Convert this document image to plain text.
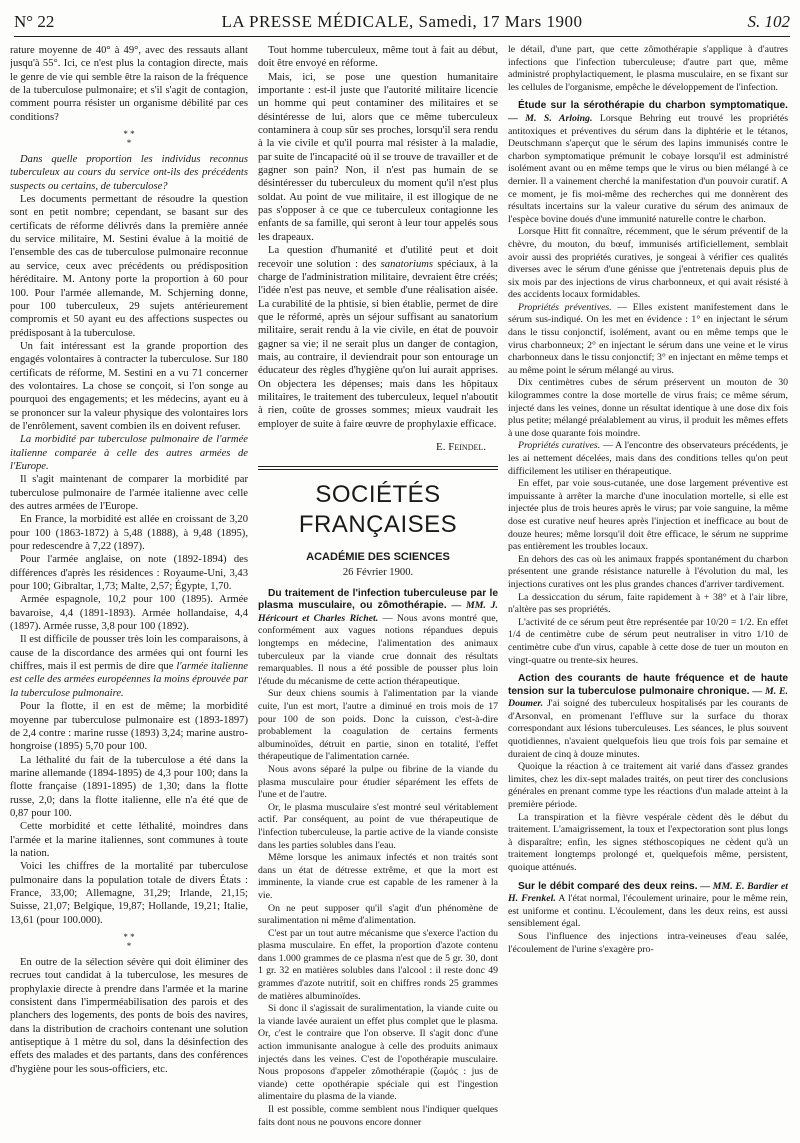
N° 22	LA PRESSE MÉDICALE, Samedi, 17 Mars 1900	S. 102

rature moyenne de 40° à 49°, avec des ressauts allant jusqu'à 55°. Ici, ce n'est plus la contagion directe, mais le genre de vie qui semble être la raison de la fréquence de la tuberculose pulmonaire; et s'il s'agit de contagion, comment pourra résister un organisme débilité par ces conditions?

* *
*

Dans quelle proportion les individus reconnus tuberculeux au cours du service ont-ils des précédents suspects ou certains, de tuberculose?

Les documents permettant de résoudre la question sont en petit nombre; cependant, se basant sur des certificats de réforme délivrés dans la première année du service militaire, M. Sestini évalue à la moitié de l'ensemble des cas de tuberculose pulmonaire reconnue au service, ceux avec précédents ou prédisposition héréditaire. M. Antony porte la proportion à 60 pour 100. Pour l'armée allemande, M. Schjerning donne, pour 100 tuberculeux, 29 sujets antérieurement compromis et 50 ayant eu des affections suspectes ou prédisposant à la tuberculose.

Un fait intéressant est la grande proportion des engagés volontaires à contracter la tuberculose. Sur 180 certificats de réforme, M. Sestini en a vu 71 concerner des volontaires. La chose se conçoit, si l'on songe au pourquoi des engagements; et les médecins, ayant eu à se prononcer sur la valeur physique des volontaires lors de l'enrôlement, savent combien ils en doivent refuser.

La morbidité par tuberculose pulmonaire de l'armée italienne comparée à celle des autres armées de l'Europe.

Il s'agit maintenant de comparer la morbidité par tuberculose pulmonaire de l'armée italienne avec celle des autres armées de l'Europe.

En France, la morbidité est allée en croissant de 3,20 pour 100 (1863-1872) à 5,48 (1888), à 9,48 (1895), pour redescendre à 7,22 (1897).

Pour l'armée anglaise, on note (1892-1894) des différences d'après les résidences : Royaume-Uni, 3,43 pour 100; Gibraltar, 1,73; Malte, 2,57; Égypte, 1,70.

Armée espagnole, 10,2 pour 100 (1895). Armée bavaroise, 4,4 (1891-1893). Armée hollandaise, 4,4 (1897). Armée russe, 3,8 pour 100 (1892).

Il est difficile de pousser très loin les comparaisons, à cause de la discordance des armées qui ont fourni les chiffres, mais il est permis de dire que l'armée italienne est celle des armées européennes la moins éprouvée par la tuberculose pulmonaire.

Pour la flotte, il en est de même; la morbidité moyenne par tuberculose pulmonaire est (1893-1897) de 2,4 contre : marine russe (1893) 3,24; marine austro-hongroise (1895) 5,70 pour 100.

La léthalité du fait de la tuberculose a été dans la marine allemande (1894-1895) de 4,3 pour 100; dans la flotte française (1891-1895) de 1,30; dans la flotte russe, 2,0; dans la flotte italienne, elle n'a été que de 0,87 pour 100.

Cette morbidité et cette léthalité, moindres dans l'armée et la marine italiennes, sont communes à toute la nation.

Voici les chiffres de la mortalité par tuberculose pulmonaire dans la population totale de divers États : France, 33,00; Allemagne, 31,29; Irlande, 21,15; Suisse, 21,07; Belgique, 19,87; Hollande, 19,21; Italie, 13,61 (pour 100.000).

* *
*

En outre de la sélection sévère qui doit éliminer des recrues tout candidat à la tuberculose, les mesures de prophylaxie directe à prendre dans l'armée et la marine consistent dans l'imperméabilisation des parois et des planchers des logements, des ponts de bois des navires, dans la distribution de crachoirs contenant une solution antiseptique à 1 mètre du sol, dans la désinfection des effets des malades et des partants, dans des conférences d'hygiène pour les sous-officiers, etc.

Tout homme tuberculeux, même tout à fait au début, doit être envoyé en réforme.

Mais, ici, se pose une question humanitaire importante : est-il juste que l'autorité militaire licencie un homme qui peut contaminer des militaires et se désintéresse de lui, alors que ce même tuberculeux contaminera à coup sûr ses proches, lorsqu'il sera rendu à la vie civile et qu'il pourra mal résister à la maladie, par suite de l'incapacité où il se trouve de travailler et de gagner son pain? Non, il n'est pas humain de se désintéresser du tuberculeux du moment qu'il n'est plus soldat. Au point de vue militaire, il est illogique de ne pas s'opposer à ce que ce tuberculeux contagionne les enfants de sa famille, qui seront à leur tour appelés sous les drapeaux.

La question d'humanité et d'utilité peut et doit recevoir une solution : des sanatoriums spéciaux, à la charge de l'administration militaire, devraient être créés; l'idée n'est pas neuve, et semble d'une réalisation aisée. La curabilité de la phtisie, si bien établie, permet de dire que le réformé, après un séjour suffisant au sanatorium militaire, serait rendu à la vie civile, en état de pouvoir gagner sa vie; il ne serait plus un danger de contagion, mais, au contraire, il deviendrait pour son entourage un éducateur des règles d'hygiène qu'on lui aurait apprises. On objectera les dépenses; mais dans les hôpitaux militaires, le traitement des tuberculeux, lequel n'aboutit à rien, coûte de grosses sommes; mieux vaudrait les employer de suite à faire œuvre de prophylaxie efficace.

E. Feindel.
SOCIÉTÉS FRANÇAISES
ACADÉMIE DES SCIENCES
26 Février 1900.

Du traitement de l'infection tuberculeuse par le plasma musculaire, ou zômothérapie. — MM. J. Héricourt et Charles Richet. — Nous avons montré que, conformément aux vagues notions répandues depuis longtemps en médecine, l'alimentation des animaux tuberculeux par la viande crue donnait des résultats remarquables. Il nous a été possible de pousser plus loin l'étude du mécanisme de cette action thérapeutique.

Sur deux chiens soumis à l'alimentation par la viande cuite, l'un est mort, l'autre a diminué en trois mois de 17 pour 100 de son poids. Donc la cuisson, c'est-à-dire probablement la coagulation de certains ferments albuminoïdes, détruit en partie, sinon en totalité, l'effet thérapeutique de l'alimentation carnée.

Nous avons séparé la pulpe ou fibrine de la viande du plasma musculaire pour étudier séparément les effets de l'une et de l'autre.

Or, le plasma musculaire s'est montré seul véritablement actif. Par conséquent, au point de vue thérapeutique de l'infection tuberculeuse, la partie active de la viande consiste dans les parties solubles dans l'eau.

Même lorsque les animaux infectés et non traités sont dans un état de détresse extrême, et que la mort est imminente, la viande crue est capable de les ramener à la vie.

On ne peut supposer qu'il s'agit d'un phénomène de suralimentation ni même d'alimentation.

C'est par un tout autre mécanisme que s'exerce l'action du plasma musculaire. En effet, la proportion d'azote contenu dans 1.000 grammes de ce plasma n'est que de 5 gr. 30, dont 1 gr. 32 en matières solubles dans l'alcool : il reste donc 49 grammes d'azote nutritif, soit en chiffres ronds 25 grammes de matières albuminoïdes.

Si donc il s'agissait de suralimentation, la viande cuite ou la viande lavée auraient un effet plus complet que le plasma. Or, c'est le contraire que l'on observe. Il s'agit donc d'une action immunisante analogue à celle des produits animaux injectés dans les veines. C'est de l'opothérapie musculaire. Nous proposons d'appeler zômothérapie (ζωμός : jus de viande) cette opothérapie spéciale qui est l'ingestion alimentaire du plasma de la viande.

Il est possible, comme semblent nous l'indiquer quelques faits dont nous ne pouvons encore donner

le détail, d'une part, que cette zômothérapie s'applique à d'autres infections que l'infection tuberculeuse; d'autre part que, même administré prophylactiquement, le plasma musculaire, en se fixant sur les cellules de l'organisme, empêche le développement de l'infection.

Étude sur la sérothérapie du charbon symptomatique. — M. S. Arloing. Lorsque Behring eut trouvé les propriétés antitoxiques et préventives du sérum dans la diphtérie et le tétanos, Deutschmann s'aperçut que le sérum des lapins immunisés contre le charbon symptomatique prémunit le cobaye lorsqu'il est administré isolément avant ou en même temps que le virus ou bien mélangé à ce dernier. Il a vainement cherché la manifestation d'un pouvoir curatif. A ce moment, je fis moi-même des recherches qui me donnèrent des résultats incertains sur la valeur curative du sérum des animaux de l'espèce bovine doués d'une immunité naturelle contre le charbon.

Lorsque Hitt fit connaître, récemment, que le sérum préventif de la chèvre, du mouton, du bœuf, immunisés artificiellement, semblait avoir aussi des propriétés curatives, je songeai à vérifier ces qualités diverses avec le sérum d'une génisse que j'entretenais depuis plus de six mois par des injections de virus charbonneux, et qui avait résisté à des accidents locaux formidables.

Propriétés préventives. — Elles existent manifestement dans le sérum sus-indiqué. On les met en évidence : 1° en injectant le sérum dans le tissu conjonctif, isolément, avant ou en même temps que le virus charbonneux; 2° en injectant le sérum dans une veine et le virus charbonneux dans le tissu conjonctif; 3° en injectant en même temps et au même point le sérum mélangé au virus.

Dix centimètres cubes de sérum préservent un mouton de 30 kilogrammes contre la dose mortelle de virus frais; ce même sérum, injecté dans les veines, donne un résultat identique à une dose dix fois plus petite; mélangé préalablement au virus, il produit les mêmes effets à une dose quarante fois moindre.

Propriétés curatives. — A l'encontre des observateurs précédents, je les ai nettement décelées, mais dans des conditions telles qu'on peut difficilement les utiliser en thérapeutique.

En effet, par voie sous-cutanée, une dose largement préventive est impuissante à arrêter la marche d'une inoculation mortelle, si elle est injectée plus de trois heures après le virus; par voie sanguine, la même dose est curative neuf heures après l'injection et inefficace au bout de douze heures; même lorsqu'il doit être efficace, le sérum ne supprime pas entièrement les troubles locaux.

En dehors des cas où les animaux frappés spontanément du charbon présentent une grande résistance naturelle à l'évolution du mal, les injections curatives ont les plus grandes chances d'arriver tardivement.

La dessiccation du sérum, faite rapidement à + 38° et à l'air libre, n'altère pas ses propriétés.

L'activité de ce sérum peut être représentée par 10/20 = 1/2. En effet 1/4 de centimètre cube de sérum peut neutraliser in vitro 1/10 de centimètre cube d'un virus, capable à cette dose de tuer un mouton en vingt-quatre ou trente-six heures.

Action des courants de haute fréquence et de haute tension sur la tuberculose pulmonaire chronique. — M. E. Doumer. J'ai soigné des tuberculeux hospitalisés par les courants de d'Arsonval, en promenant l'effluve sur la surface du thorax correspondant aux lésions tuberculeuses. Les séances, le plus souvent quotidiennes, n'avaient quelquefois lieu que trois fois par semaine et duraient de cinq à douze minutes.

Quoique la réaction à ce traitement ait varié dans d'assez grandes limites, chez les dix-sept malades traités, on peut tirer des conclusions générales en prenant comme type les réactions d'un malade atteint à la première période.

La transpiration et la fièvre vespérale cèdent dès le début du traitement. L'amaigrissement, la toux et l'expectoration sont plus longs à disparaître; enfin, les signes stéthoscopiques ne cèdent qu'à un traitement longtemps prolongé et, quelquefois même, persistent, quoique atténués.

Sur le débit comparé des deux reins. — MM. E. Bardier et H. Frenkel. A l'état normal, l'écoulement urinaire, pour le même rein, est uniforme et continu. L'écoulement, dans les deux reins, est aussi sensiblement égal.

Sous l'influence des injections intra-veineuses d'eau salée, l'écoulement de l'urine s'exagère pro-
